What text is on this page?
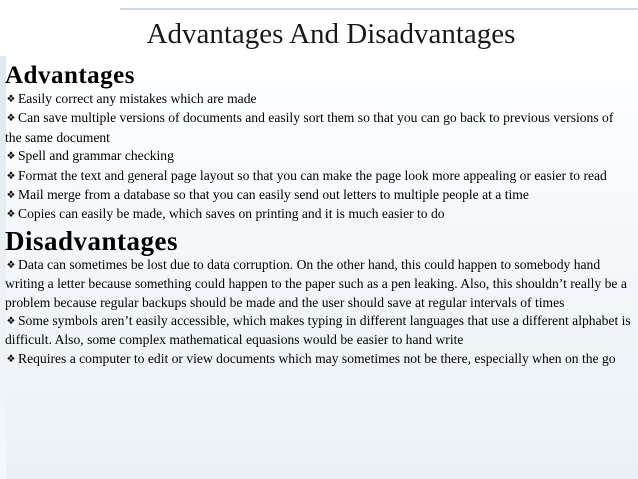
Advantages And Disadvantages
Advantages
❖ Easily correct any mistakes which are made
❖ Can save multiple versions of documents and easily sort them so that you can go back to previous versions of the same document
❖ Spell and grammar checking
❖ Format the text and general page layout so that you can make the page look more appealing or easier to read
❖ Mail merge from a database so that you can easily send out letters to multiple people at a time
❖ Copies can easily be made, which saves on printing and it is much easier to do
Disadvantages
❖ Data can sometimes be lost due to data corruption. On the other hand, this could happen to somebody hand writing a letter because something could happen to the paper such as a pen leaking. Also, this shouldn’t really be a problem because regular backups should be made and the user should save at regular intervals of times
❖ Some symbols aren’t easily accessible, which makes typing in different languages that use a different alphabet is difficult. Also, some complex mathematical equasions would be easier to hand write
❖ Requires a computer to edit or view documents which may sometimes not be there, especially when on the go
